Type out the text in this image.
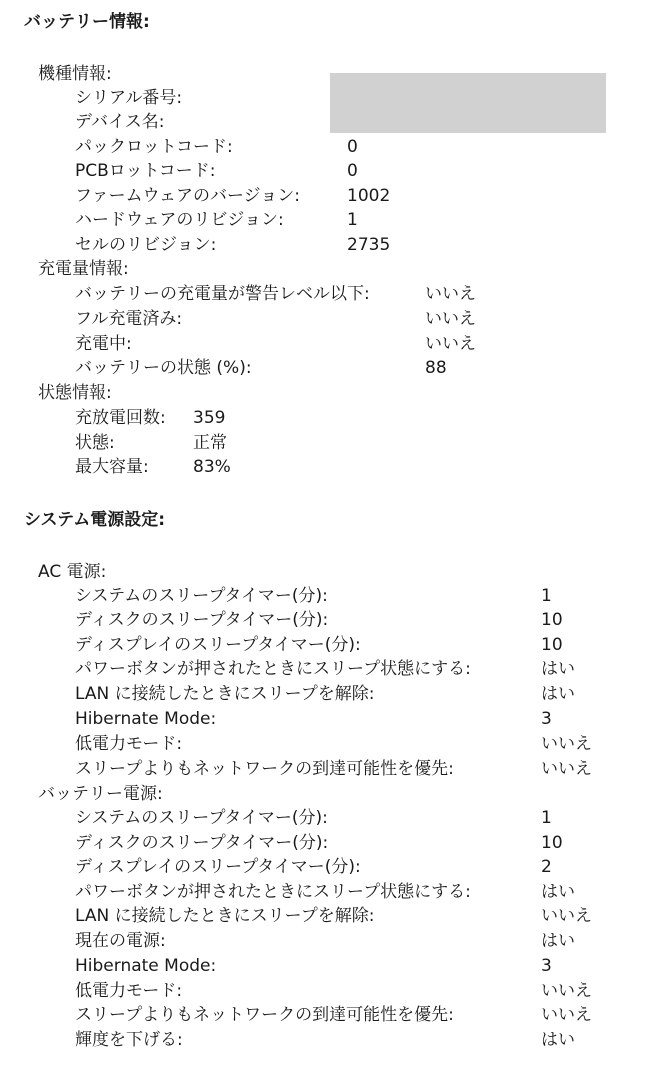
バッテリー情報:
機種情報:
シリアル番号:
デバイス名:
パックロットコード:	0
PCBロットコード:	0
ファームウェアのバージョン:	1002
ハードウェアのリビジョン:	1
セルのリビジョン:	2735
充電量情報:
バッテリーの充電量が警告レベル以下:	いいえ
フル充電済み:	いいえ
充電中:	いいえ
バッテリーの状態 (%):	88
状態情報:
充放電回数: 359
状態:	正常
最大容量:	83%
システム電源設定:
AC 電源:
システムのスリープタイマー(分):	1
ディスクのスリープタイマー(分):	10
ディスプレイのスリープタイマー(分):	10
パワーボタンが押されたときにスリープ状態にする:	はい
LAN に接続したときにスリープを解除:	はい
Hibernate Mode:	3
低電力モード:	いいえ
スリープよりもネットワークの到達可能性を優先:	いいえ
バッテリー電源:
システムのスリープタイマー(分):	1
ディスクのスリープタイマー(分):	10
ディスプレイのスリープタイマー(分):	2
パワーボタンが押されたときにスリープ状態にする:	はい
LAN に接続したときにスリープを解除:	いいえ
現在の電源:	はい
Hibernate Mode:	3
低電力モード:	いいえ
スリープよりもネットワークの到達可能性を優先:	いいえ
輝度を下げる:	はい
